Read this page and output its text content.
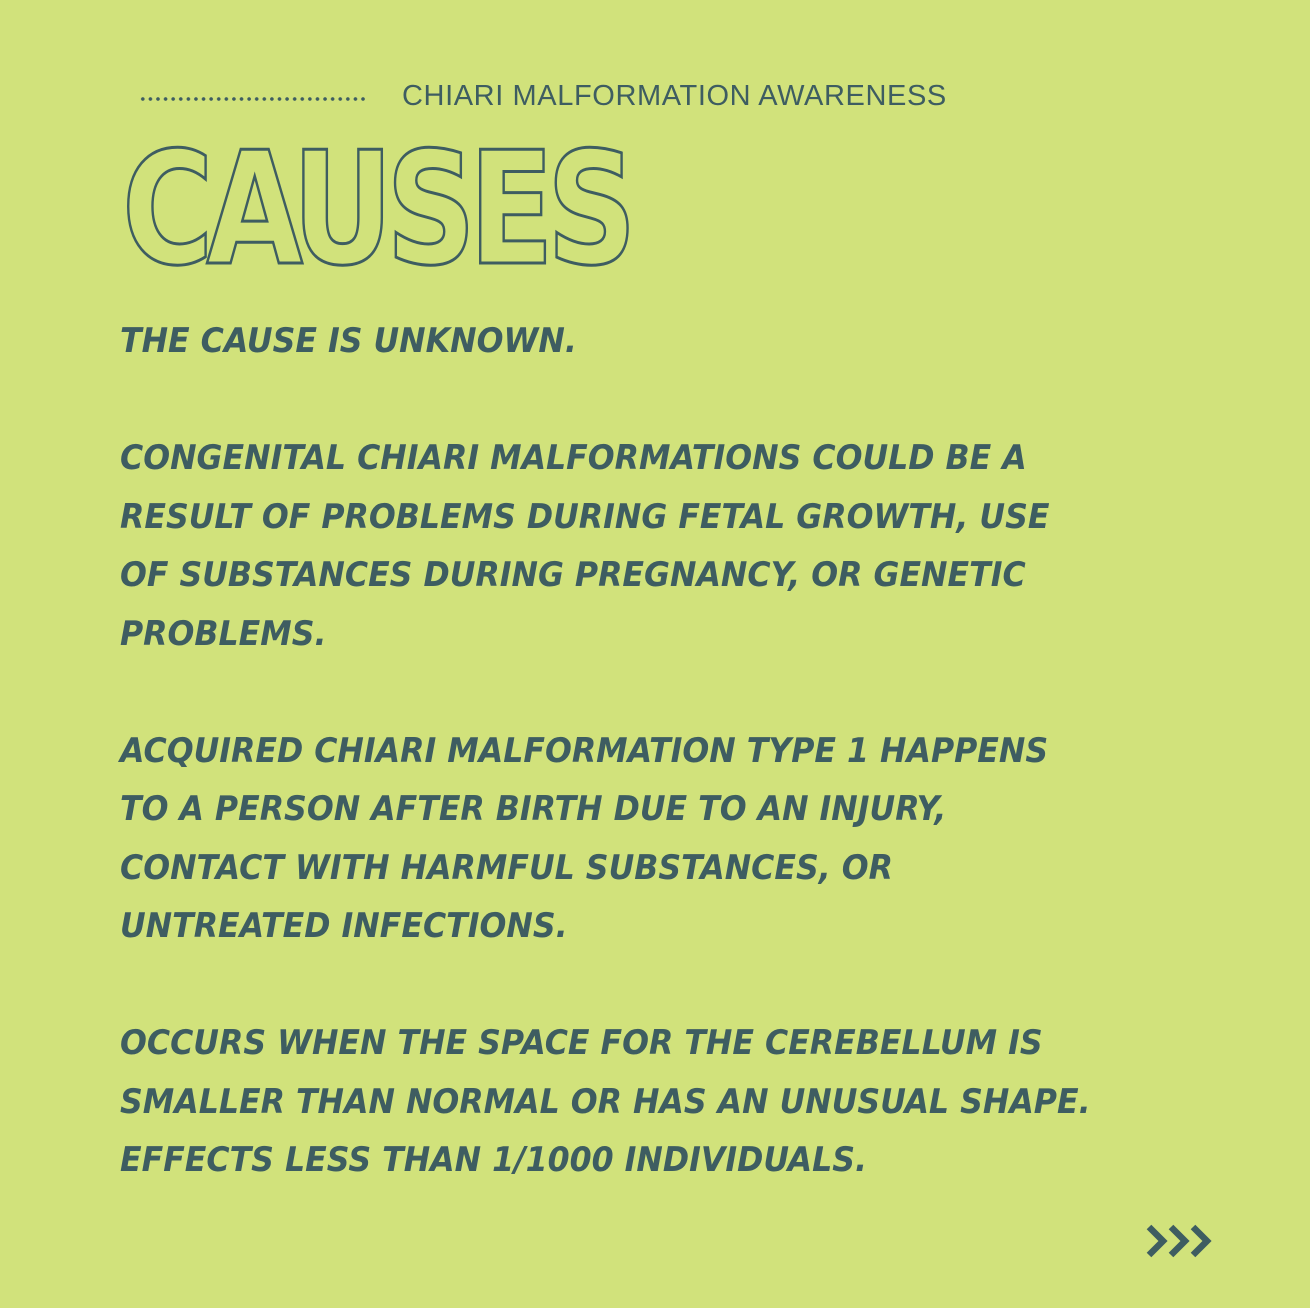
CHIARI MALFORMATION AWARENESS
CAUSES

THE CAUSE IS UNKNOWN.

CONGENITAL CHIARI MALFORMATIONS COULD BE A
RESULT OF PROBLEMS DURING FETAL GROWTH, USE
OF SUBSTANCES DURING PREGNANCY, OR GENETIC
PROBLEMS.

ACQUIRED CHIARI MALFORMATION TYPE 1 HAPPENS
TO A PERSON AFTER BIRTH DUE TO AN INJURY,
CONTACT WITH HARMFUL SUBSTANCES, OR
UNTREATED INFECTIONS.

OCCURS WHEN THE SPACE FOR THE CEREBELLUM IS
SMALLER THAN NORMAL OR HAS AN UNUSUAL SHAPE.
EFFECTS LESS THAN 1/1000 INDIVIDUALS.
